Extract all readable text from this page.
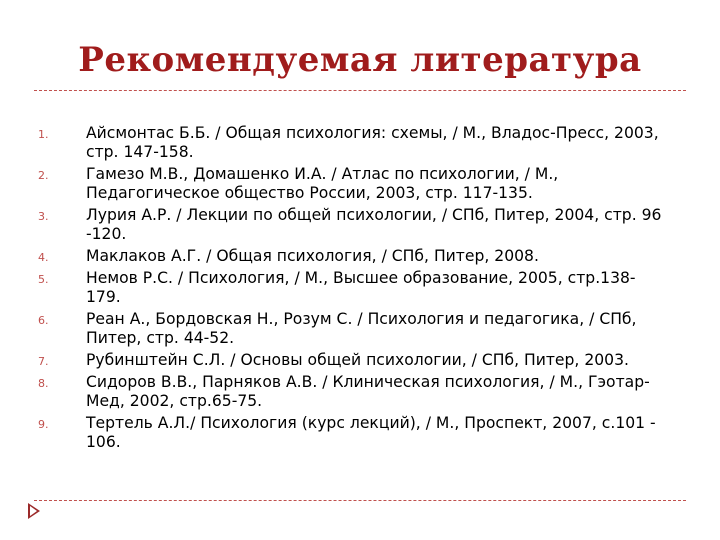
Рекомендуемая литература
1. Айсмонтас Б.Б. / Общая психология: схемы, / М., Владос-Пресс, 2003,
стр. 147-158.
2. Гамезо М.В., Домашенко И.А. / Атлас по психологии, / М.,
Педагогическое общество России, 2003, стр. 117-135.
3. Лурия А.Р. / Лекции по общей психологии, / СПб, Питер, 2004, стр. 96
-120.
4. Маклаков А.Г. / Общая психология, / СПб, Питер, 2008.
5. Немов Р.С. / Психология, / М., Высшее образование, 2005, стр.138-
179.
6. Реан А., Бордовская Н., Розум С. / Психология и педагогика, / СПб,
Питер, стр. 44-52.
7. Рубинштейн С.Л. / Основы общей психологии, / СПб, Питер, 2003.
8. Сидоров В.В., Парняков А.В. / Клиническая психология, / М., Гэотар-
Мед, 2002, стр.65-75.
9. Тертель А.Л./ Психология (курс лекций), / М., Проспект, 2007, с.101 -
106.
